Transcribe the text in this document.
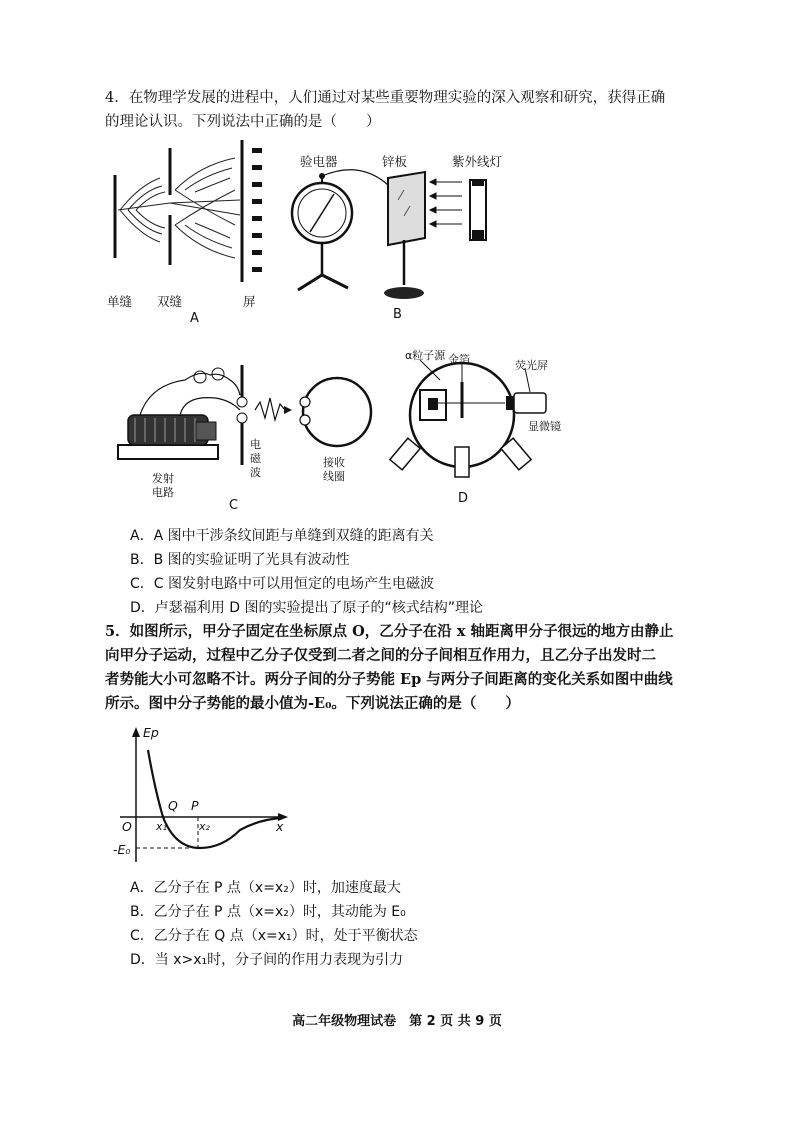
4．在物理学发展的进程中，人们通过对某些重要物理实验的深入观察和研究，获得正确
的理论认识。下列说法中正确的是（　　）
单缝 双缝	屏
A
验电器	锌板	紫外线灯
B
发射
电路
电
磁
波
接收
线圈
C
α粒子源 金箔	荧光屏
显微镜
D
A．A 图中干涉条纹间距与单缝到双缝的距离有关
B．B 图的实验证明了光具有波动性
C．C 图发射电路中可以用恒定的电场产生电磁波
D．卢瑟福利用 D 图的实验提出了原子的“核式结构”理论
5．如图所示，甲分子固定在坐标原点 O，乙分子在沿 x 轴距离甲分子很远的地方由静止
向甲分子运动，过程中乙分子仅受到二者之间的分子间相互作用力，且乙分子出发时二
者势能大小可忽略不计。两分子间的分子势能 Ep 与两分子间距离的变化关系如图中曲线
所示。图中分子势能的最小值为-E₀。下列说法正确的是（　　）
Ep
x
O
-E₀
Q P
x₁	x₂
A．乙分子在 P 点（x=x₂）时，加速度最大
B．乙分子在 P 点（x=x₂）时，其动能为 E₀
C．乙分子在 Q 点（x=x₁）时，处于平衡状态
D．当 x>x₁时，分子间的作用力表现为引力
高二年级物理试卷　第 2 页 共 9 页
